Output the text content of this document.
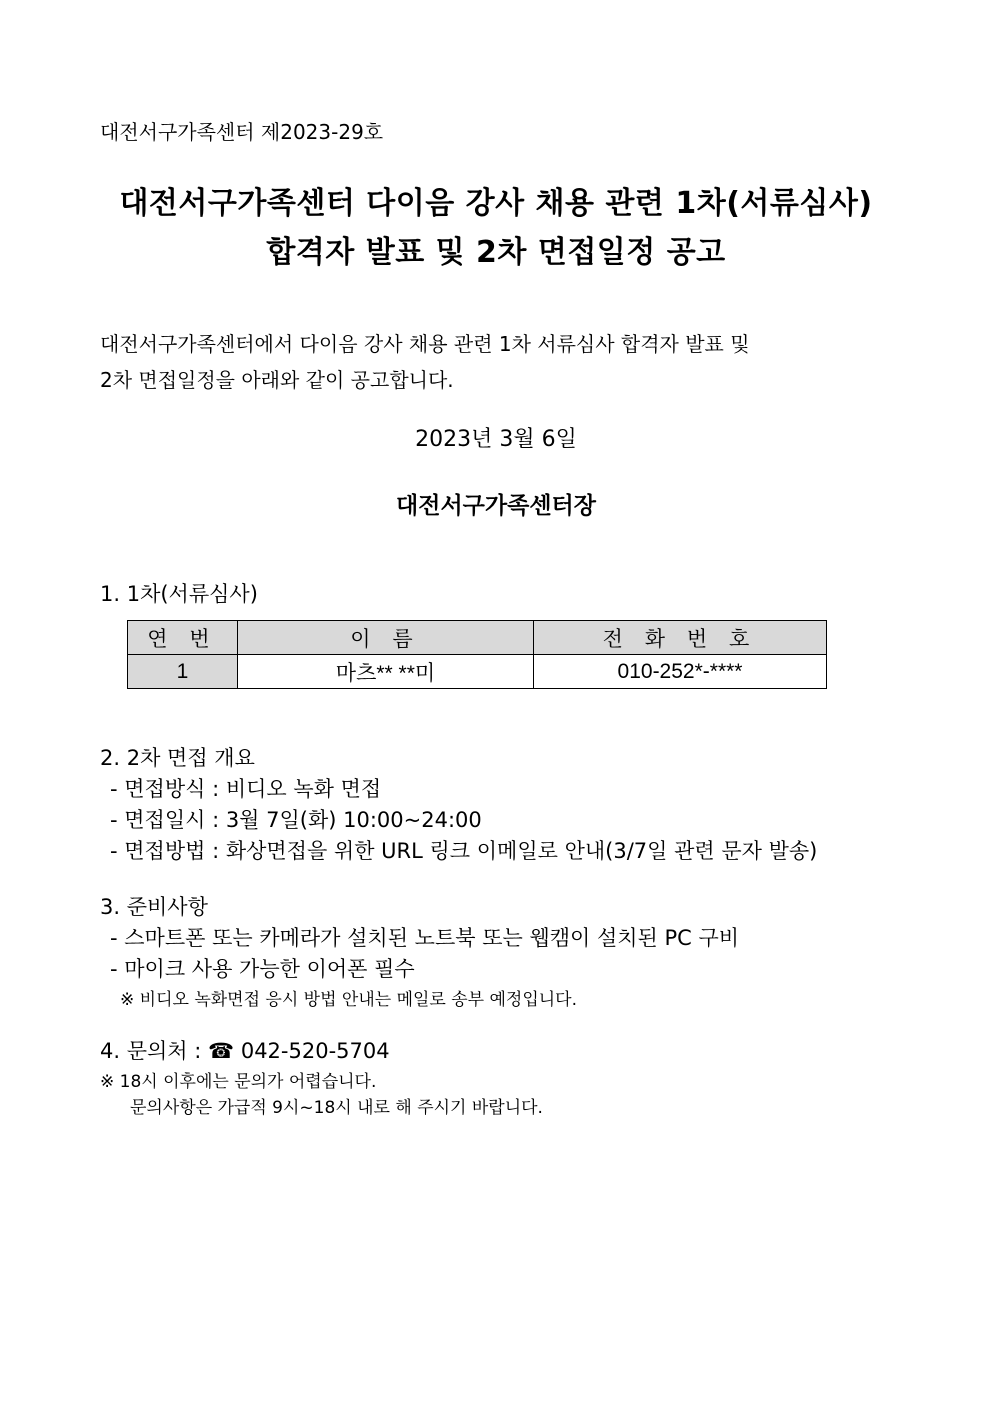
대전서구가족센터 제2023-29호
대전서구가족센터 다이음 강사 채용 관련 1차(서류심사)
합격자 발표 및 2차 면접일정 공고
대전서구가족센터에서 다이음 강사 채용 관련 1차 서류심사 합격자 발표 및
2차 면접일정을 아래와 같이 공고합니다.
2023년 3월 6일
대전서구가족센터장
1. 1차(서류심사)
연 번	이 름	전 화 번 호
1	마츠** **미	010-252*-****
2. 2차 면접 개요
- 면접방식 : 비디오 녹화 면접
- 면접일시 : 3월 7일(화) 10:00~24:00
- 면접방법 : 화상면접을 위한 URL 링크 이메일로 안내(3/7일 관련 문자 발송)
3. 준비사항
- 스마트폰 또는 카메라가 설치된 노트북 또는 웹캠이 설치된 PC 구비
- 마이크 사용 가능한 이어폰 필수
※ 비디오 녹화면접 응시 방법 안내는 메일로 송부 예정입니다.
4. 문의처 : ☎ 042-520-5704
※ 18시 이후에는 문의가 어렵습니다.
문의사항은 가급적 9시~18시 내로 해 주시기 바랍니다.
